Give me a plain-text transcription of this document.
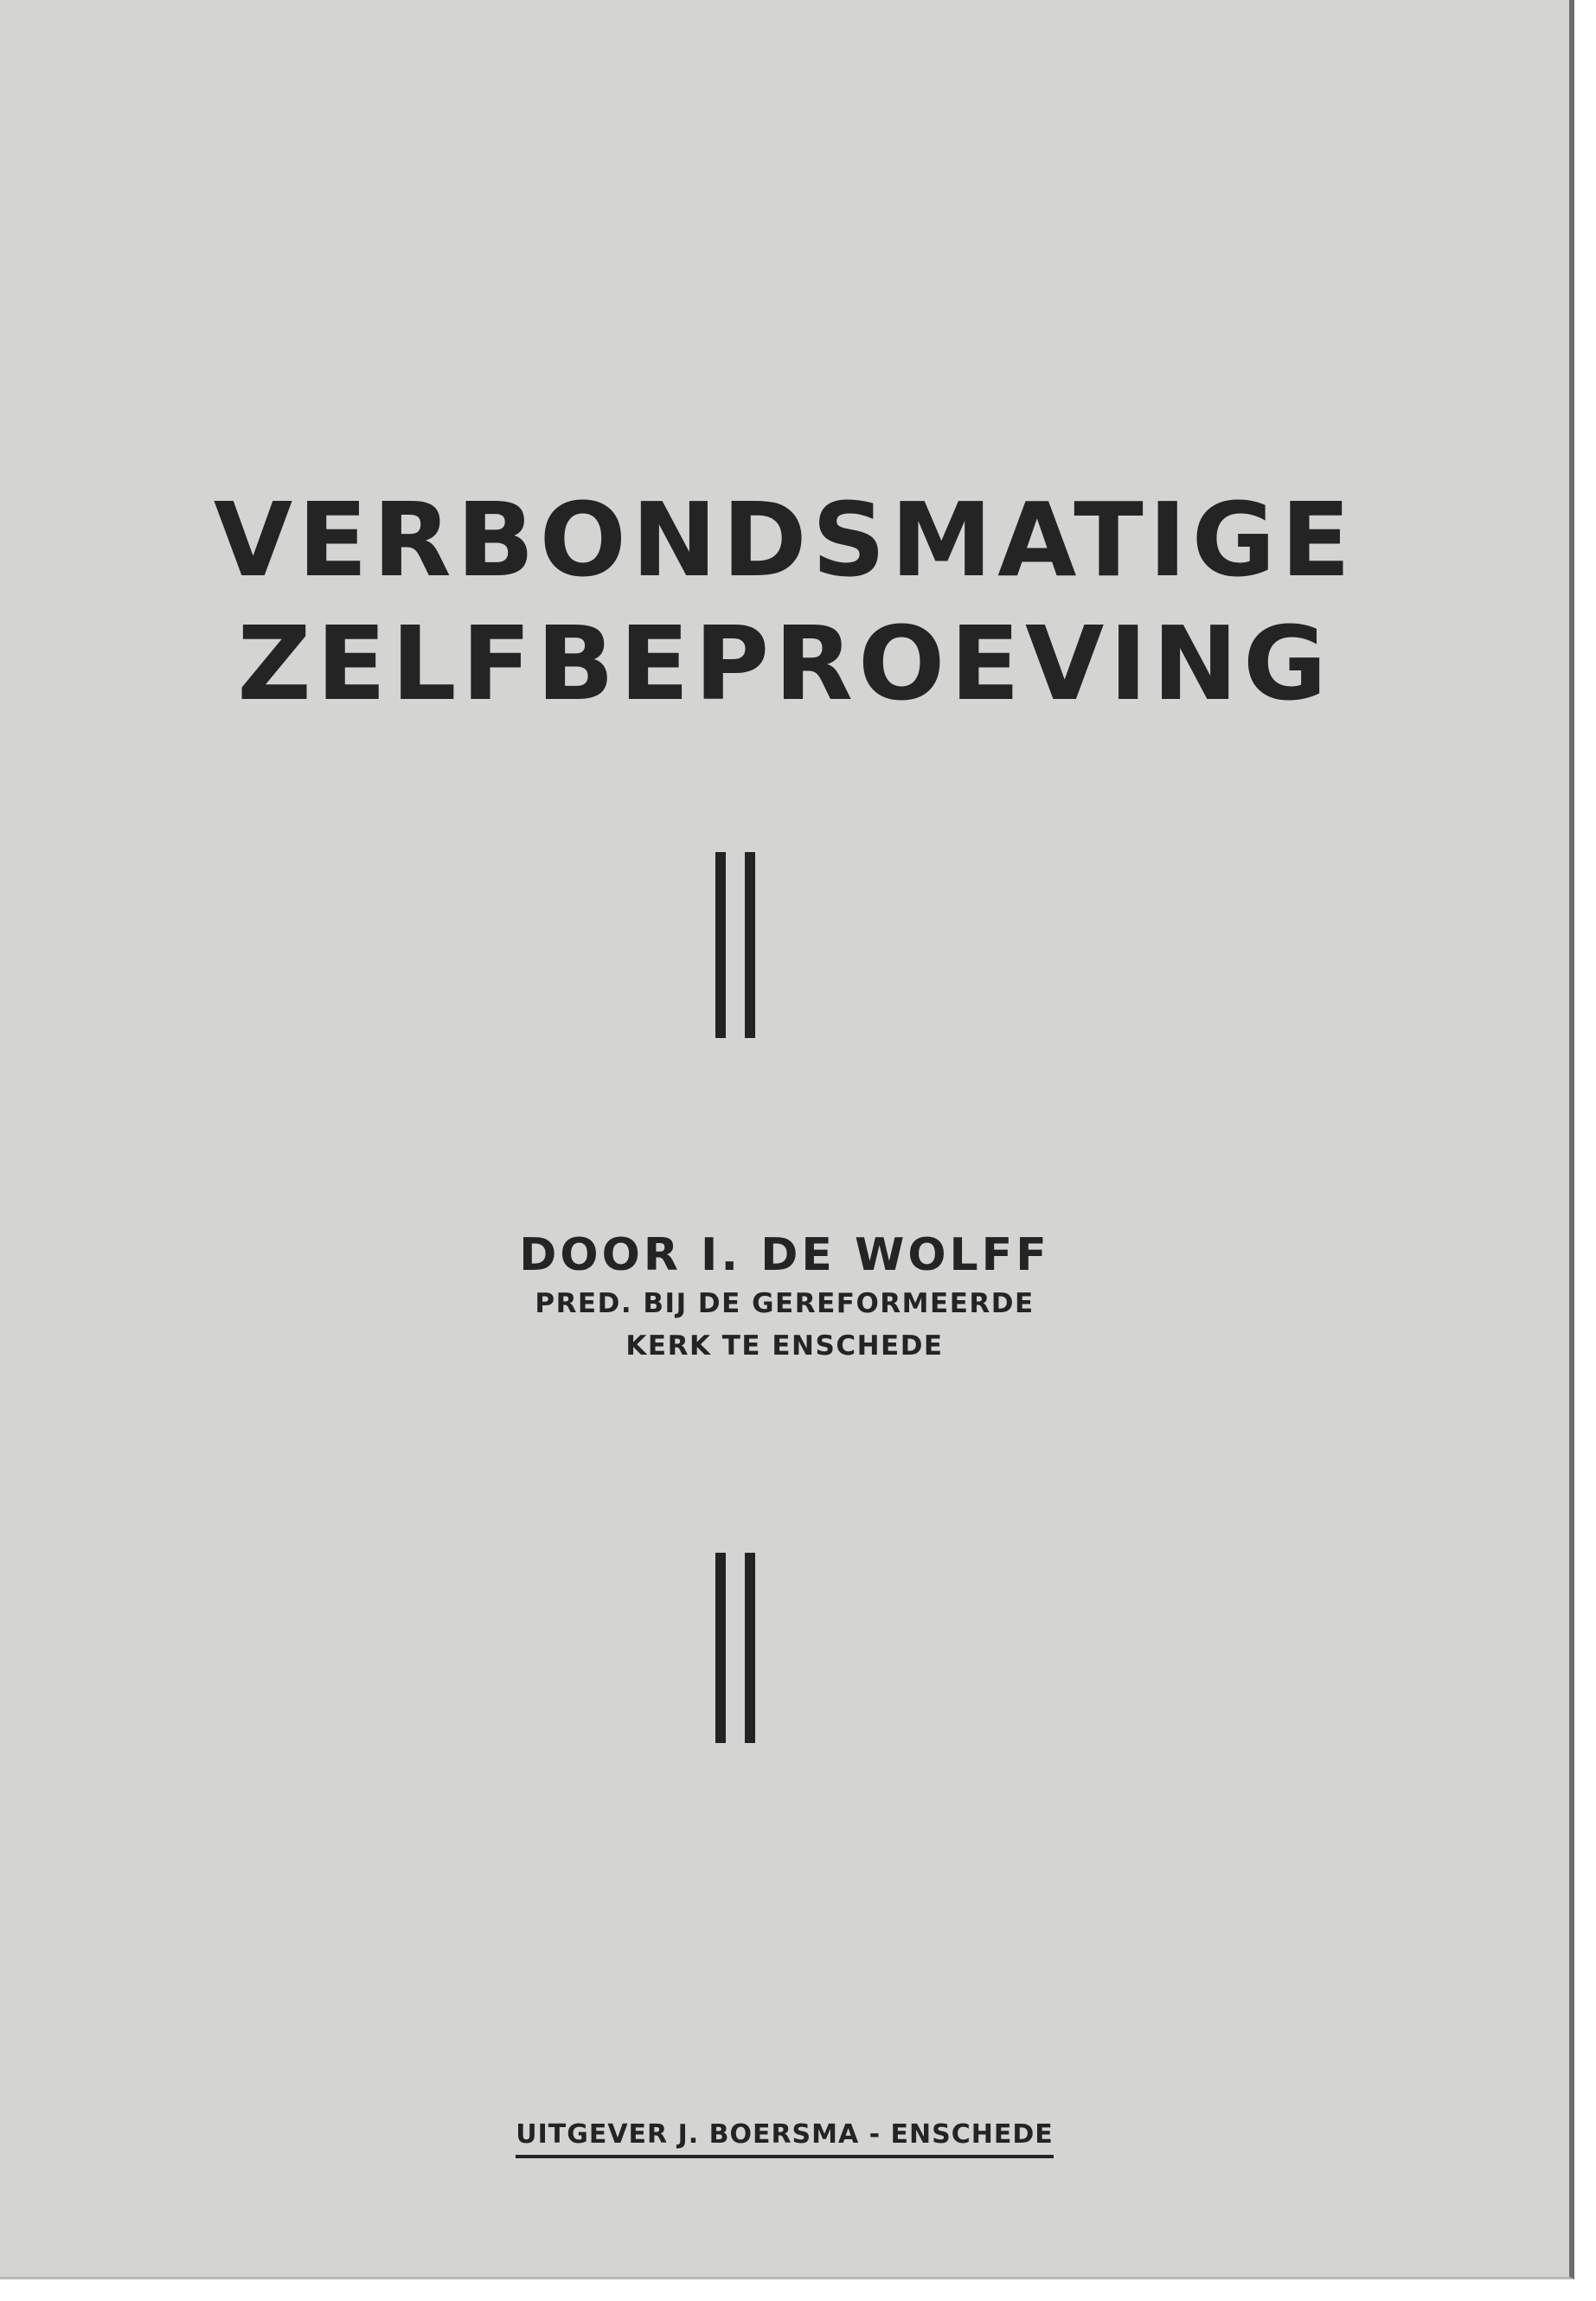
VERBONDSMATIGE
ZELFBEPROEVING

DOOR I. DE WOLFF

PRED. BIJ DE GEREFORMEERDE

KERK TE ENSCHEDE

UITGEVER J. BOERSMA - ENSCHEDE
